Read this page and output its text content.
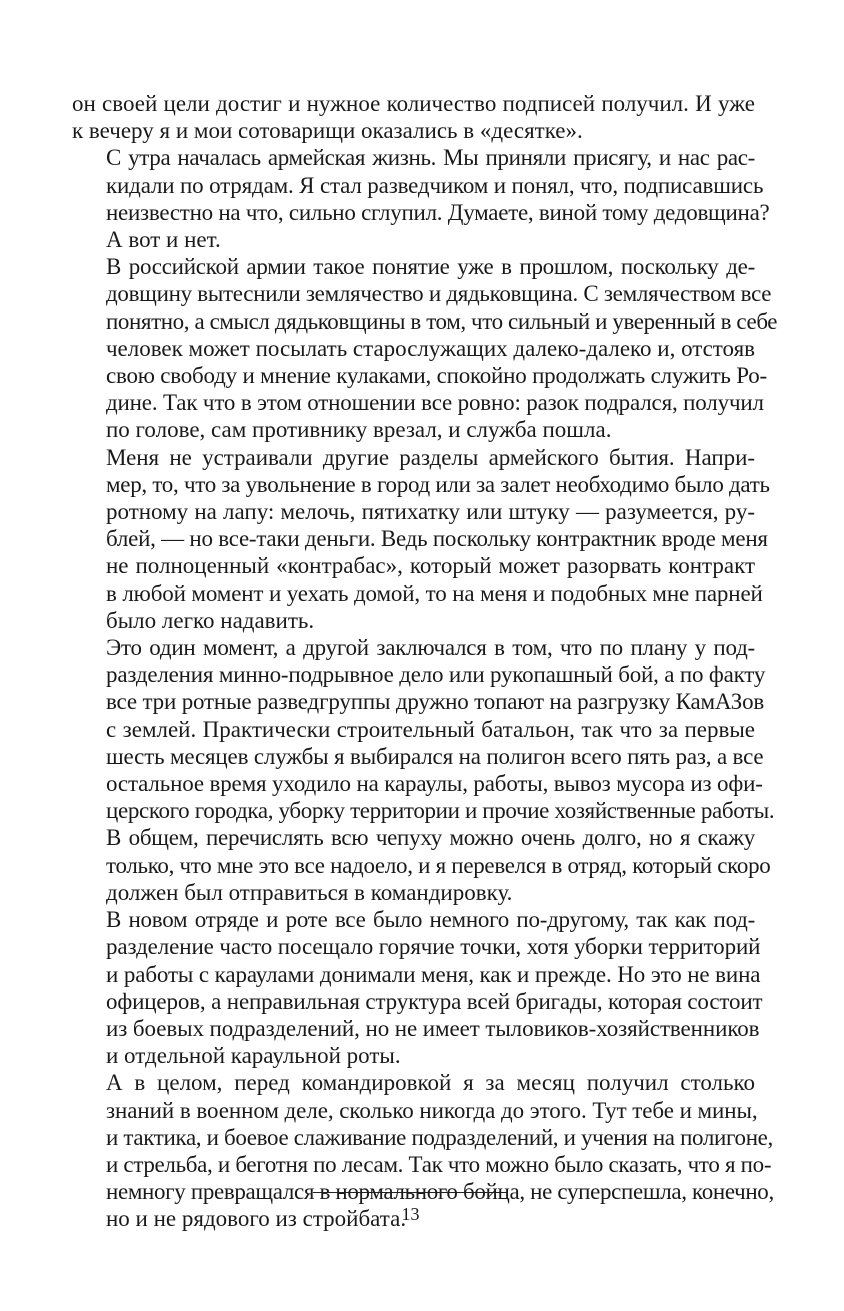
он своей цели достиг и нужное количество подписей получил. И уже
к вечеру я и мои сотоварищи оказались в «десятке».

С утра началась армейская жизнь. Мы приняли присягу, и нас рас-
кидали по отрядам. Я стал разведчиком и понял, что, подписавшись
неизвестно на что, сильно сглупил. Думаете, виной тому дедовщина?
А вот и нет.

В российской армии такое понятие уже в прошлом, поскольку де-
довщину вытеснили землячество и дядьковщина. С землячеством все
понятно, а смысл дядьковщины в том, что сильный и уверенный в себе
человек может посылать старослужащих далеко-далеко и, отстояв
свою свободу и мнение кулаками, спокойно продолжать служить Ро-
дине. Так что в этом отношении все ровно: разок подрался, получил
по голове, сам противнику врезал, и служба пошла.

Меня не устраивали другие разделы армейского бытия. Напри-
мер, то, что за увольнение в город или за залет необходимо было дать
ротному на лапу: мелочь, пятихатку или штуку — разумеется, ру-
блей, — но все-таки деньги. Ведь поскольку контрактник вроде меня
не полноценный «контрабас», который может разорвать контракт
в любой момент и уехать домой, то на меня и подобных мне парней
было легко надавить.

Это один момент, а другой заключался в том, что по плану у под-
разделения минно-подрывное дело или рукопашный бой, а по факту
все три ротные разведгруппы дружно топают на разгрузку КамАЗов
с землей. Практически строительный батальон, так что за первые
шесть месяцев службы я выбирался на полигон всего пять раз, а все
остальное время уходило на караулы, работы, вывоз мусора из офи-
церского городка, уборку территории и прочие хозяйственные работы.

В общем, перечислять всю чепуху можно очень долго, но я скажу
только, что мне это все надоело, и я перевелся в отряд, который скоро
должен был отправиться в командировку.

В новом отряде и роте все было немного по-другому, так как под-
разделение часто посещало горячие точки, хотя уборки территорий
и работы с караулами донимали меня, как и прежде. Но это не вина
офицеров, а неправильная структура всей бригады, которая состоит
из боевых подразделений, но не имеет тыловиков-хозяйственников
и отдельной караульной роты.

А в целом, перед командировкой я за месяц получил столько
знаний в военном деле, сколько никогда до этого. Тут тебе и мины,
и тактика, и боевое слаживание подразделений, и учения на полигоне,
и стрельба, и беготня по лесам. Так что можно было сказать, что я по-
немногу превращался в нормального бойца, не суперспешла, конечно,
но и не рядового из стройбата.

13
